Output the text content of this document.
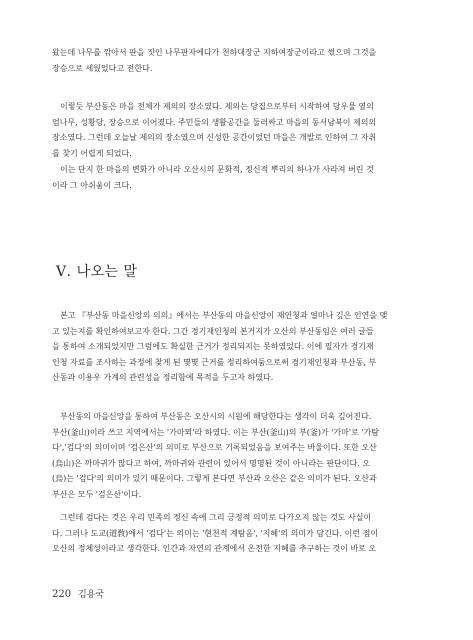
왔는데 나무를 깎아서 판을 짓인 나무판자에다가 천하대장군 지하여장군이라고 썼으며 그것을
장승으로 세웠었다고 전한다.
이렇듯 부산동은 마을 전체가 제의의 장소였다. 제의는 당집으로부터 시작하여 당우물 옆의
엄나무, 성황당, 장승으로 이어졌다. 주민들의 생활공간을 둘러싸고 마을의 동서남북이 제의의
장소였다. 그런데 오늘날 제의의 장소였으며 신성한 공간이었던 마을은 개발로 인하여 그 자취
를 찾기 어렵게 되었다.
이는 단지 한 마을의 변화가 아니라 오산시의 문화적, 정신적 뿌리의 하나가 사라져 버린 것
이라 그 아쉬움이 크다.
Ⅴ. 나오는 말
본고 『부산동 마을신앙의 의의』에서는 부산동의 마을신앙이 재인청과 얼마나 깊은 인연을 맺
고 있는지를 확인하여보고자 한다. 그간 경기재인청의 본거지가 오산의 부산동임은 여러 글들
을 통하여 소개되었지만 그럼에도 확실한 근거가 정리되지는 못하였었다. 이에 필자가 경기재
인청 자료를 조사하는 과정에 찾게 된 몇몇 근거를 정리하여둠으로써 경기재인청과 부산동, 부
산동과 이용우 가계의 관련성을 정리함에 목적을 두고자 하였다.
부산동의 마을신앙을 통하여 부산동은 오산시의 시원에 해당한다는 생각이 더욱 깊어진다.
부산(釜山)이라 쓰고 지역에서는 '가마뫼'라 하였다. 이는 부산(釜山)의 부(釜)가 '가마'로 '가탐
다','검다'의 의미이며 '검은산'의 의미로 부산으로 기록되었음을 보여주는 바울이다. 또한 오산
(烏山)은 까마귀가 많다고 하여, 까마귀와 관련이 있어서 명명된 것이 아니라는 판단이다. 오
(烏)는 '검다'의 의미가 있기 때문이다. 그렇게 본다면 부산과 오산은 같은 의미가 된다. 오산과
부산은 모두 '검은산'이다.
그런데 검다는 것은 우리 민족의 정신 속에 그리 긍정적 의미로 다가오지 않는 것도 사실이
다. 그러나 도교(道敎)에서 '검다'는 의미는 '현천적 계탐음', '지혜'의 의미가 담긴다. 이런 점이
오산의 정체성이라고 생각한다. 인간과 자연의 관계에서 온전한 지혜를 추구하는 것이 바로 오
220 김용국
